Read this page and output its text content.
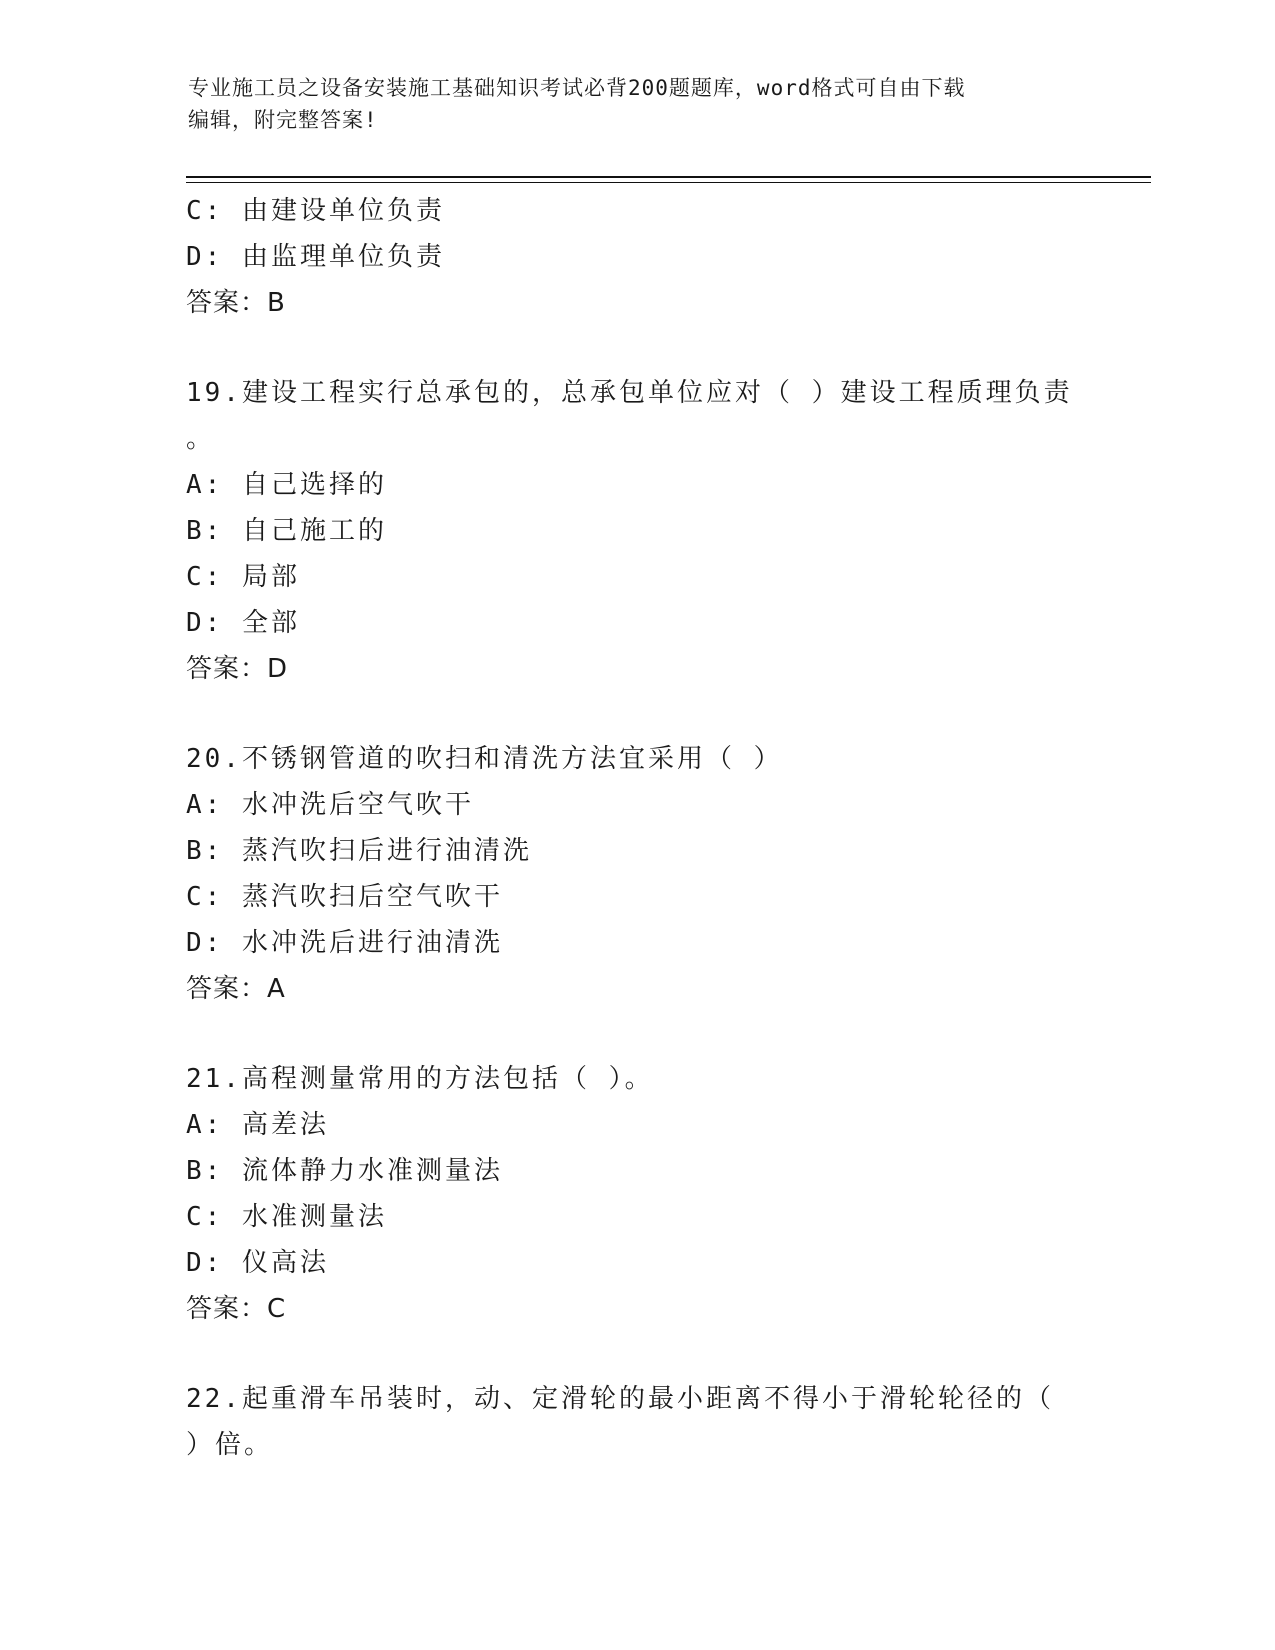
专业施工员之设备安装施工基础知识考试必背200题题库，word格式可自由下载
编辑，附完整答案!
C: 由建设单位负责
D: 由监理单位负责
答案：B
19.建设工程实行总承包的，总承包单位应对（ ）建设工程质理负责
。
A: 自己选择的
B: 自己施工的
C: 局部
D: 全部
答案：D
20.不锈钢管道的吹扫和清洗方法宜采用（ ）
A: 水冲洗后空气吹干
B: 蒸汽吹扫后进行油清洗
C: 蒸汽吹扫后空气吹干
D: 水冲洗后进行油清洗
答案：A
21.高程测量常用的方法包括（ ）。
A: 高差法
B: 流体静力水准测量法
C: 水准测量法
D: 仪高法
答案：C
22.起重滑车吊装时，动、定滑轮的最小距离不得小于滑轮轮径的（
）倍。
